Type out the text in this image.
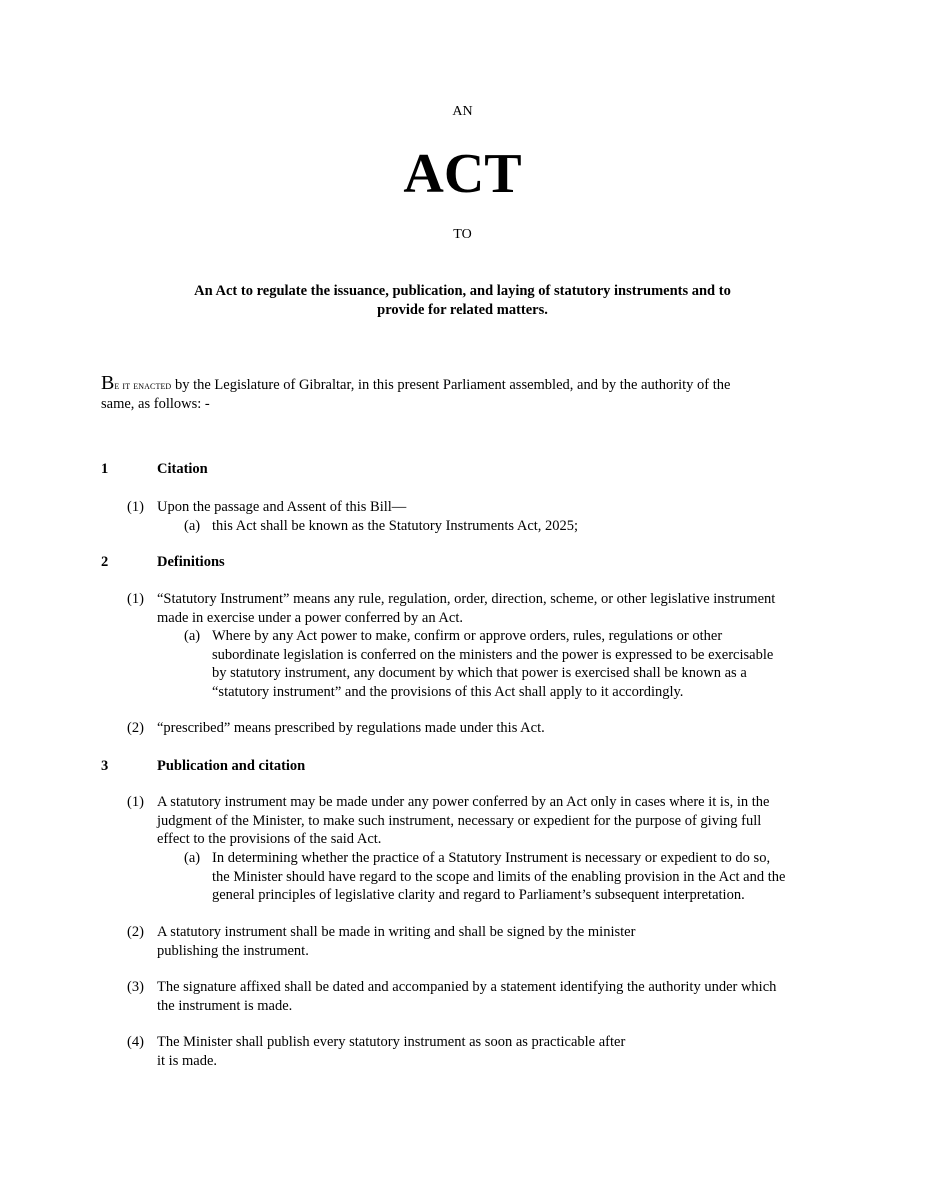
AN
ACT
TO
An Act to regulate the issuance, publication, and laying of statutory instruments and to
provide for related matters.
Be it enacted by the Legislature of Gibraltar, in this present Parliament assembled, and by the authority of the
same, as follows: -
1	Citation
(1) Upon the passage and Assent of this Bill—
(a) this Act shall be known as the Statutory Instruments Act, 2025;
2	Definitions
(1) “Statutory Instrument” means any rule, regulation, order, direction, scheme, or other legislative instrument
made in exercise under a power conferred by an Act.
(a) Where by any Act power to make, confirm or approve orders, rules, regulations or other
subordinate legislation is conferred on the ministers and the power is expressed to be exercisable
by statutory instrument, any document by which that power is exercised shall be known as a
“statutory instrument” and the provisions of this Act shall apply to it accordingly.
(2) “prescribed” means prescribed by regulations made under this Act.
3	Publication and citation
(1) A statutory instrument may be made under any power conferred by an Act only in cases where it is, in the
judgment of the Minister, to make such instrument, necessary or expedient for the purpose of giving full
effect to the provisions of the said Act.
(a) In determining whether the practice of a Statutory Instrument is necessary or expedient to do so,
the Minister should have regard to the scope and limits of the enabling provision in the Act and the
general principles of legislative clarity and regard to Parliament’s subsequent interpretation.
(2) A statutory instrument shall be made in writing and shall be signed by the minister
publishing the instrument.
(3) The signature affixed shall be dated and accompanied by a statement identifying the authority under which
the instrument is made.
(4) The Minister shall publish every statutory instrument as soon as practicable after
it is made.
